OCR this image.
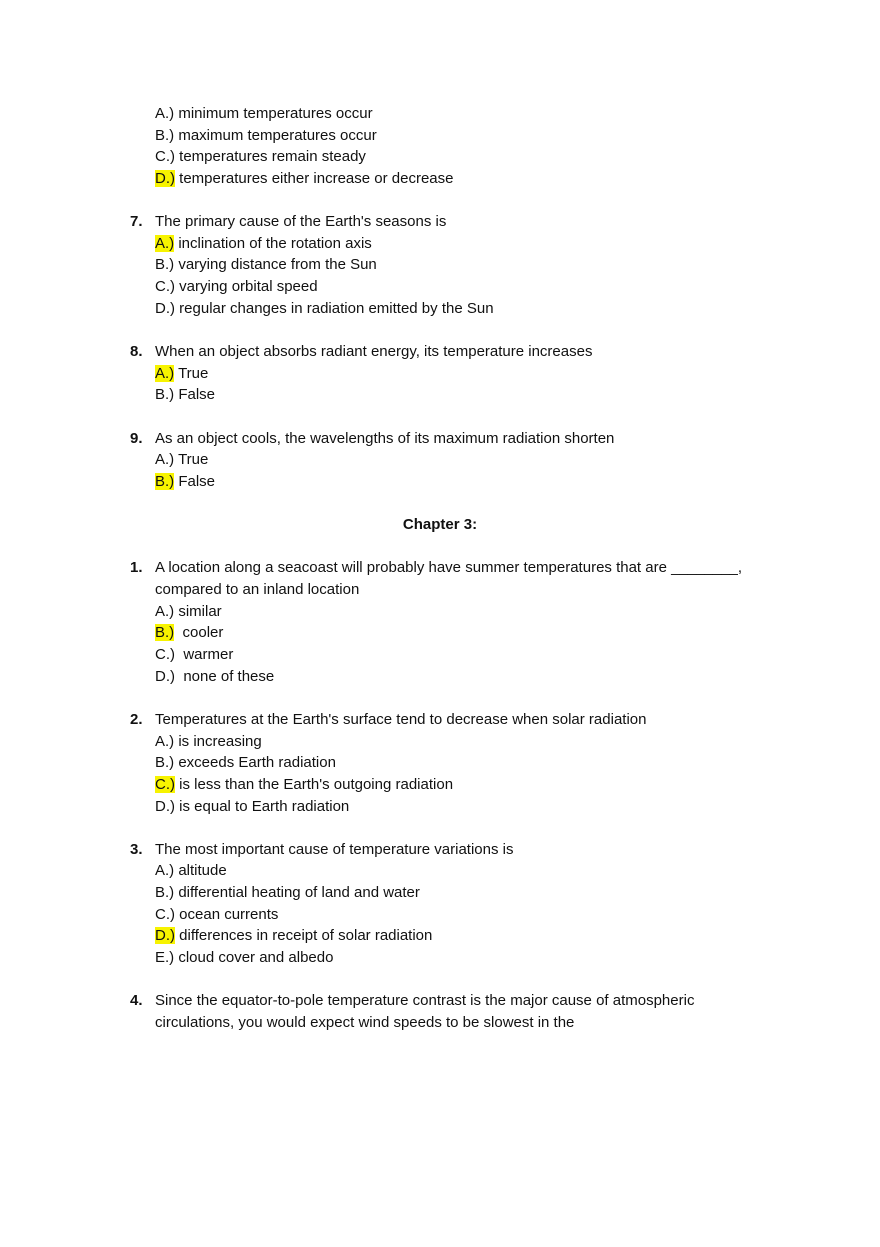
A.) minimum temperatures occur
B.) maximum temperatures occur
C.) temperatures remain steady
D.) temperatures either increase or decrease
7. The primary cause of the Earth's seasons is
A.) inclination of the rotation axis
B.) varying distance from the Sun
C.) varying orbital speed
D.) regular changes in radiation emitted by the Sun
8. When an object absorbs radiant energy, its temperature increases
A.) True
B.) False
9. As an object cools, the wavelengths of its maximum radiation shorten
A.) True
B.) False
Chapter 3:
1. A location along a seacoast will probably have summer temperatures that are ________,
compared to an inland location
A.) similar
B.)  cooler
C.)  warmer
D.)  none of these
2. Temperatures at the Earth's surface tend to decrease when solar radiation
A.) is increasing
B.) exceeds Earth radiation
C.) is less than the Earth's outgoing radiation
D.) is equal to Earth radiation
3. The most important cause of temperature variations is
A.) altitude
B.) differential heating of land and water
C.) ocean currents
D.) differences in receipt of solar radiation
E.) cloud cover and albedo
4. Since the equator-to-pole temperature contrast is the major cause of atmospheric
circulations, you would expect wind speeds to be slowest in the
